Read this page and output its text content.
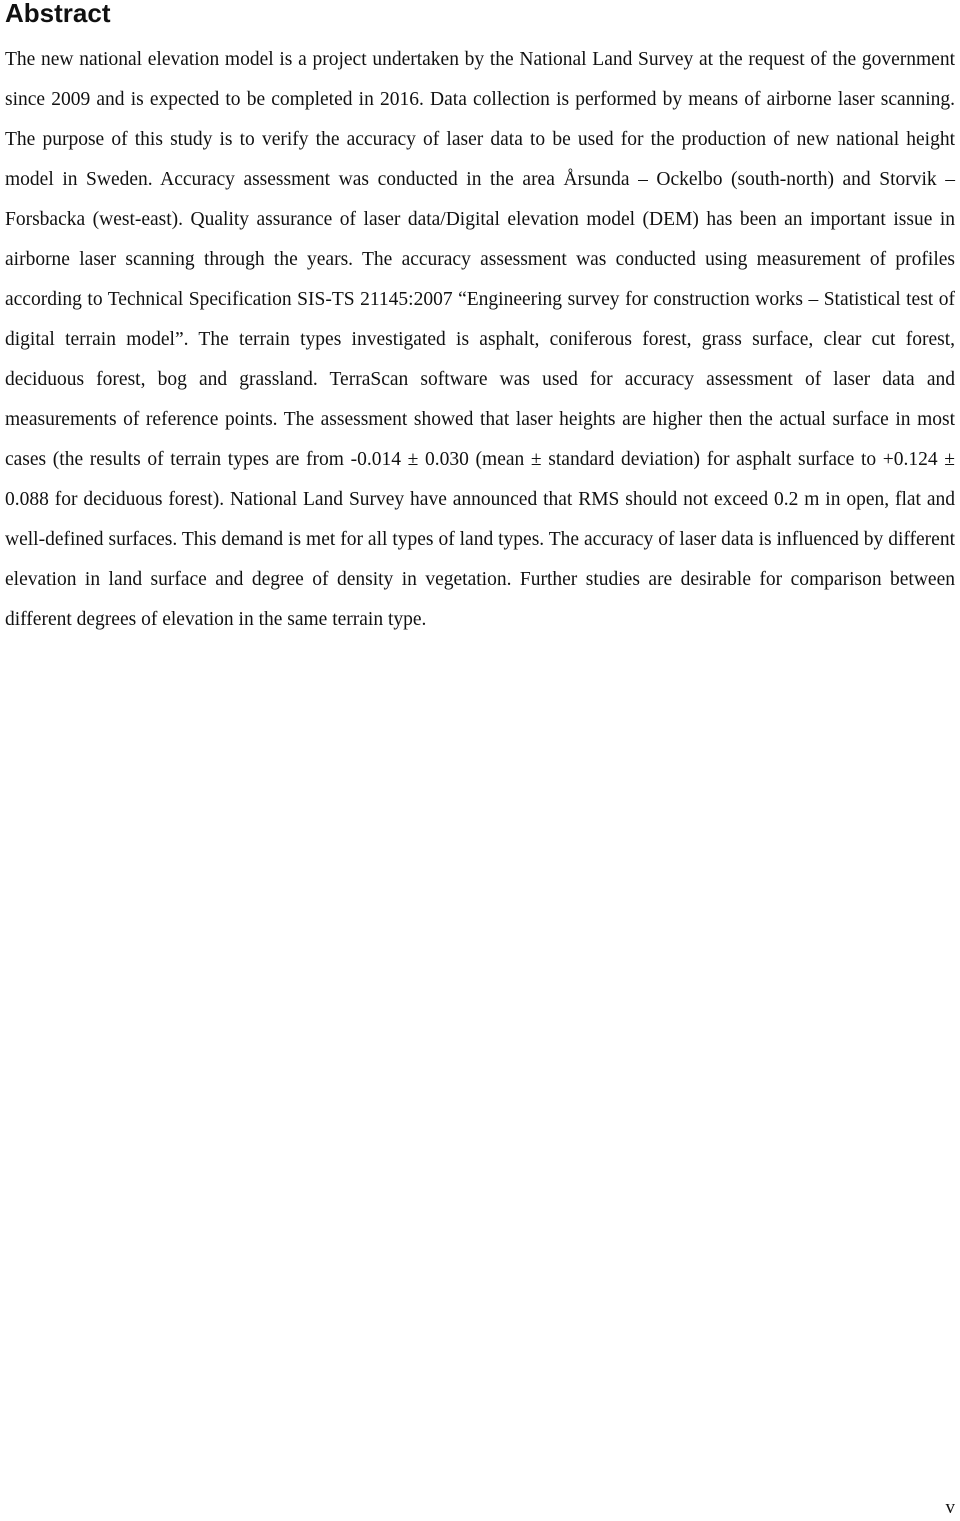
Abstract

The new national elevation model is a project undertaken by the National Land Survey at the request of the government since 2009 and is expected to be completed in 2016. Data collection is performed by means of airborne laser scanning. The purpose of this study is to verify the accuracy of laser data to be used for the production of new national height model in Sweden. Accuracy assessment was conducted in the area Årsunda – Ockelbo (south-north) and Storvik – Forsbacka (west-east). Quality assurance of laser data/Digital elevation model (DEM) has been an important issue in airborne laser scanning through the years. The accuracy assessment was conducted using measurement of profiles according to Technical Specification SIS-TS 21145:2007 “Engineering survey for construction works – Statistical test of digital terrain model”. The terrain types investigated is asphalt, coniferous forest, grass surface, clear cut forest, deciduous forest, bog and grassland. TerraScan software was used for accuracy assessment of laser data and measurements of reference points. The assessment showed that laser heights are higher then the actual surface in most cases (the results of terrain types are from -0.014 ± 0.030 (mean ± standard deviation) for asphalt surface to +0.124 ± 0.088 for deciduous forest). National Land Survey have announced that RMS should not exceed 0.2 m in open, flat and well-defined surfaces. This demand is met for all types of land types. The accuracy of laser data is influenced by different elevation in land surface and degree of density in vegetation. Further studies are desirable for comparison between different degrees of elevation in the same terrain type.

v
